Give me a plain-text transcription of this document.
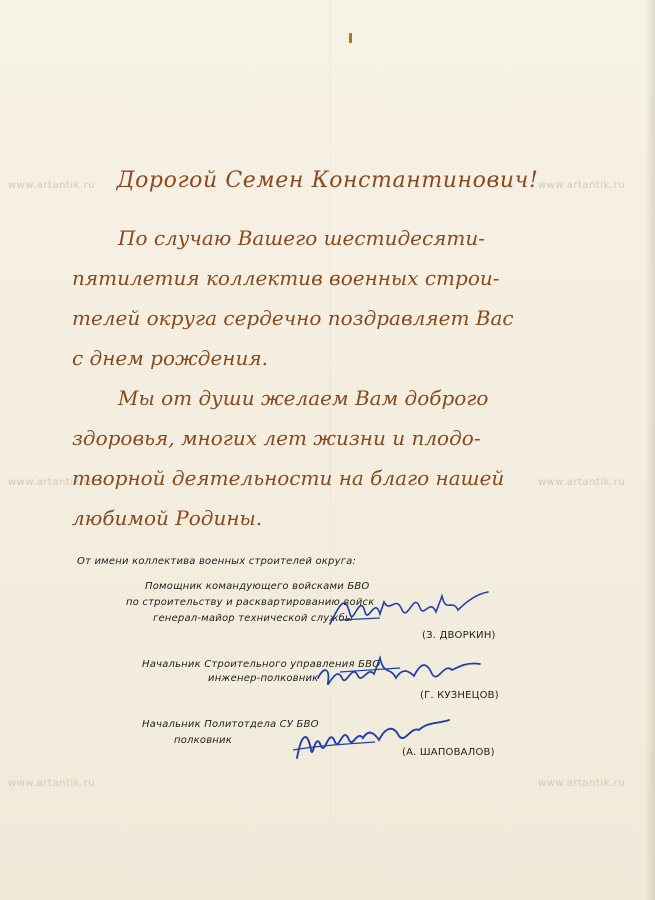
www.artantik.ru	www.artantik.ru
www.artantik.ru	www.artantik.ru
www.artantik.ru	www.artantik.ru
Дорогой Семен Константинович!
По случаю Вашего шестидесяти-
пятилетия коллектив военных строи-
телей округа сердечно поздравляет Вас
с днем рождения.
Мы от души желаем Вам доброго
здоровья, многих лет жизни и плодо-
творной деятельности на благо нашей
любимой Родины.
От имени коллектива военных строителей округа:
Помощник командующего войсками БВО
по строительству и расквартированию войск
генерал-майор технической службы
(З. ДВОРКИН)
Начальник Строительного управления БВО
инженер-полковник
(Г. КУЗНЕЦОВ)
Начальник Политотдела СУ БВО
полковник
(А. ШАПОВАЛОВ)
